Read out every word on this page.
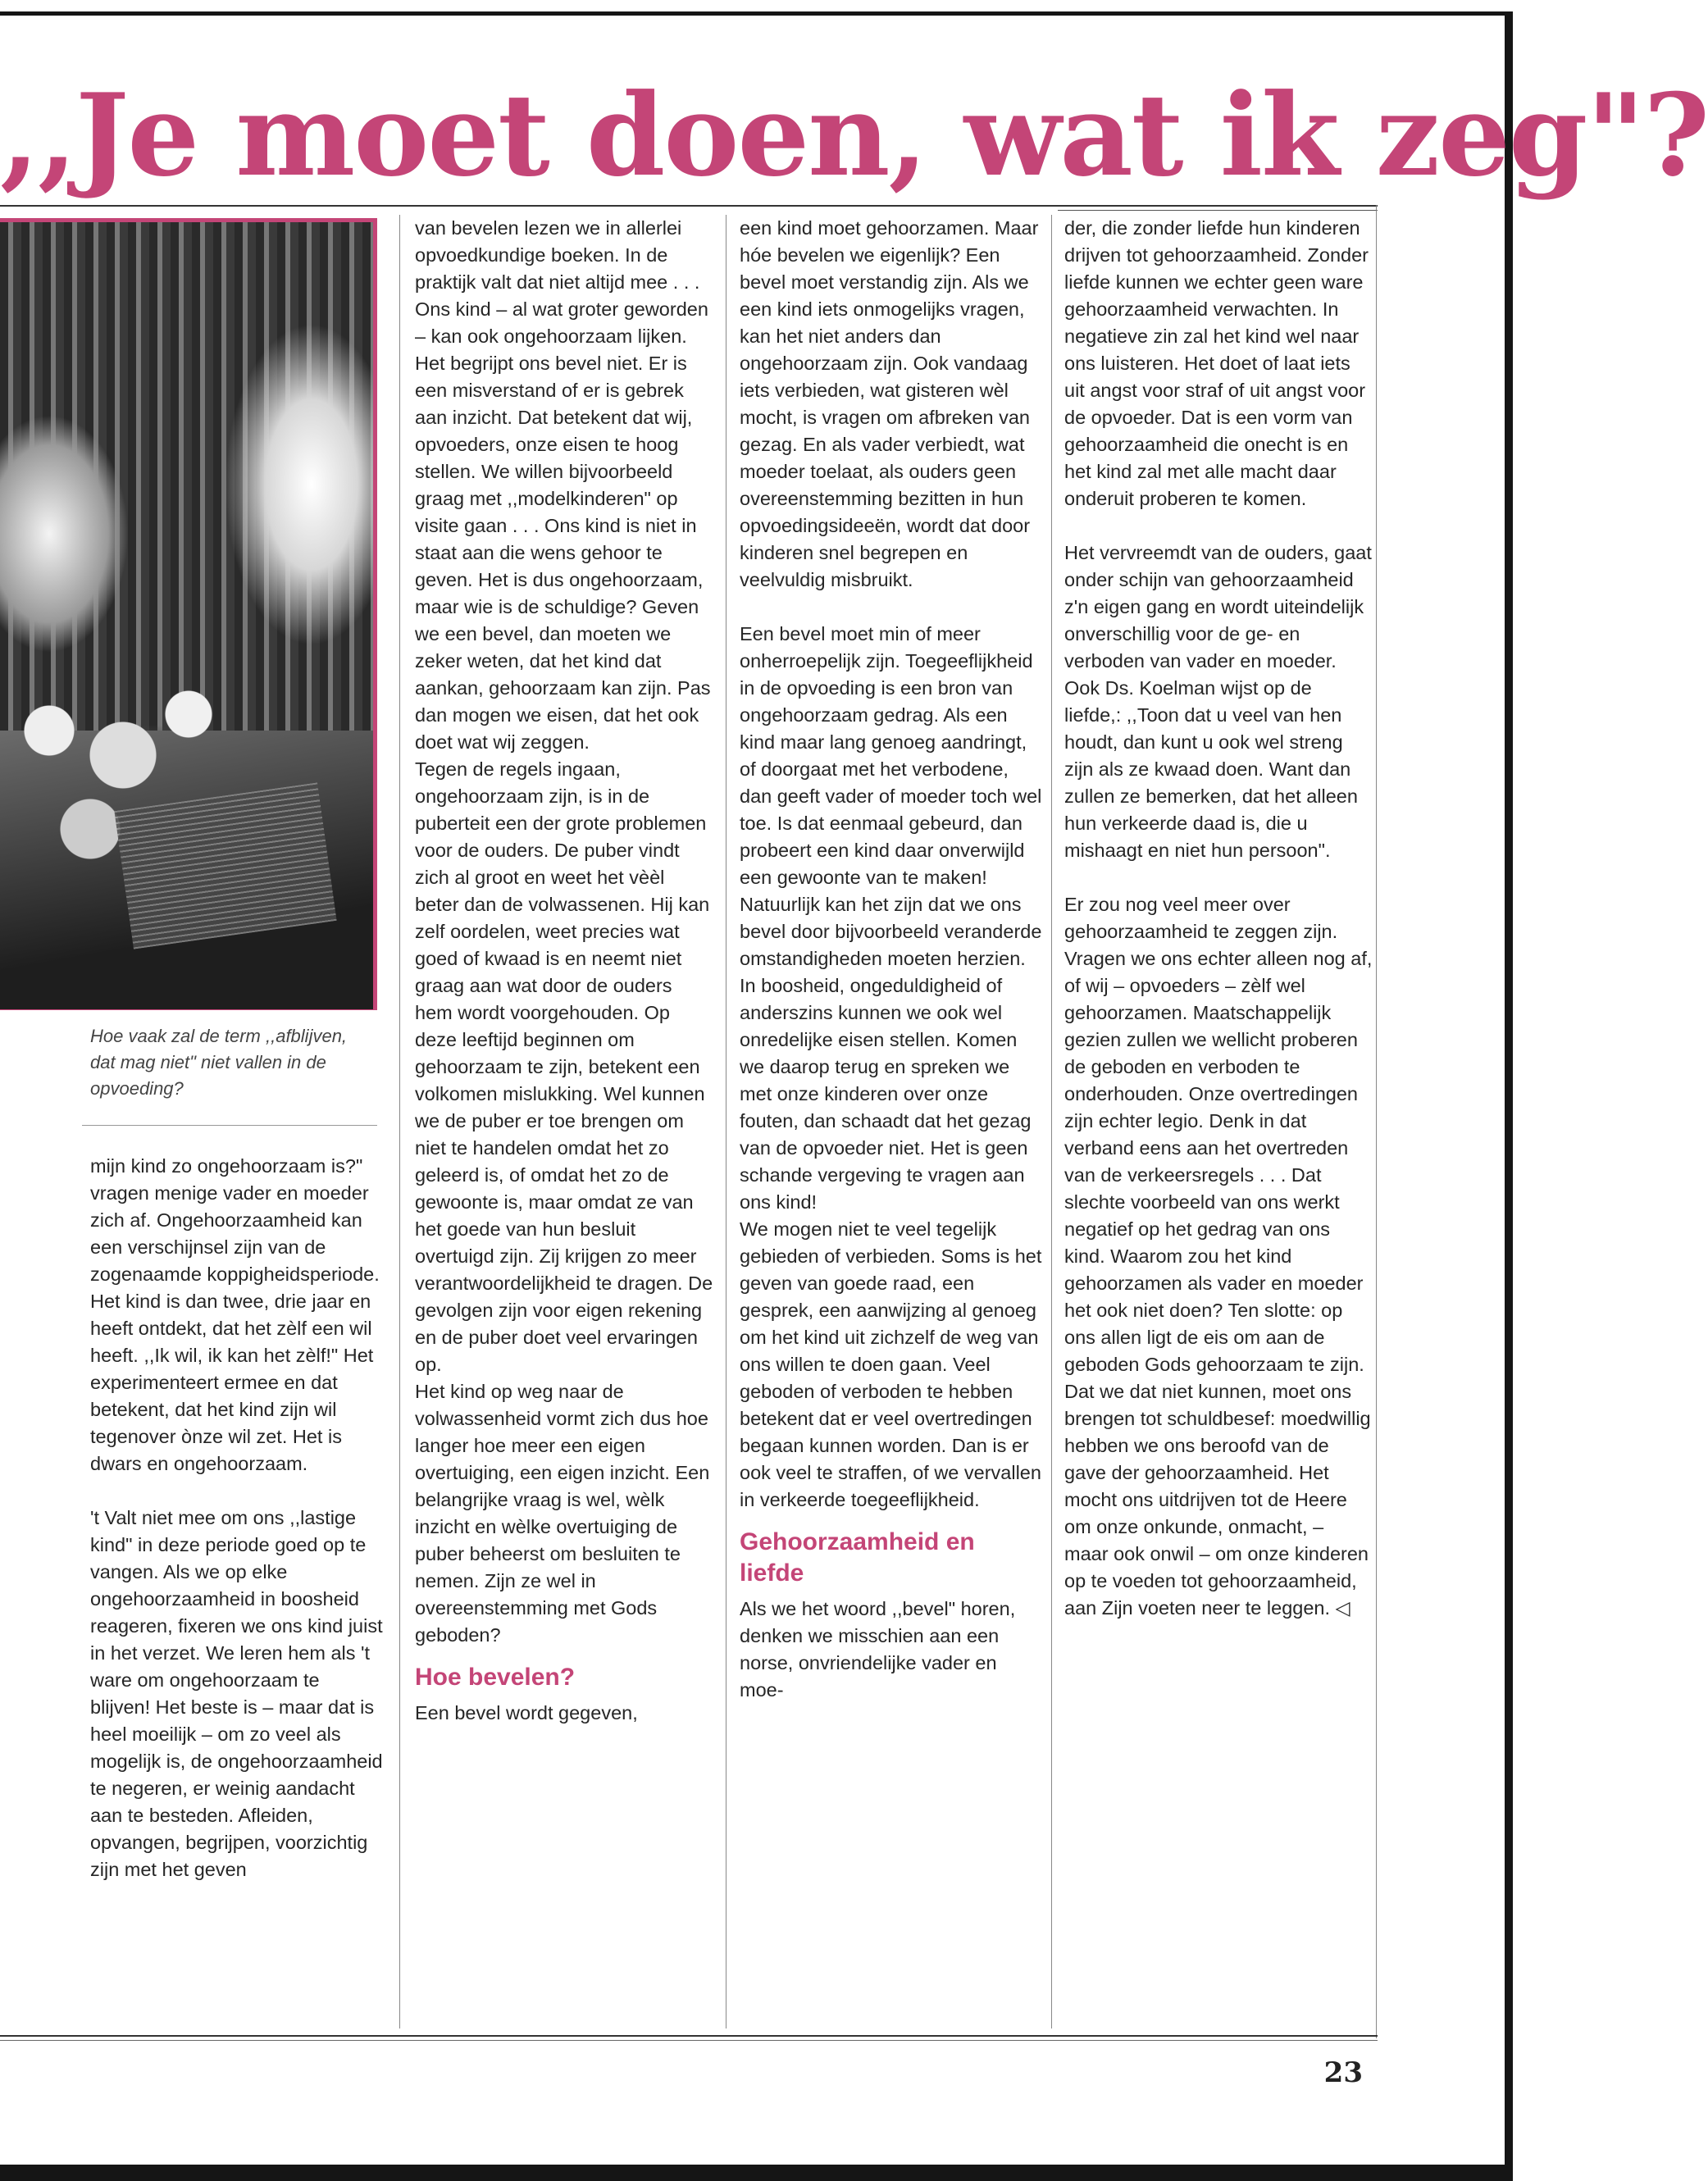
,,Je moet doen, wat ik zeg"?

Hoe vaak zal de term ,,afblijven, dat mag niet" niet vallen in de opvoeding?

mijn kind zo ongehoorzaam is?" vragen menige vader en moeder zich af. Ongehoorzaamheid kan een verschijnsel zijn van de zogenaamde koppigheidsperiode. Het kind is dan twee, drie jaar en heeft ontdekt, dat het zèlf een wil heeft. ,,Ik wil, ik kan het zèlf!" Het experimenteert ermee en dat betekent, dat het kind zijn wil tegenover ònze wil zet. Het is dwars en ongehoorzaam.

't Valt niet mee om ons ,,lastige kind" in deze periode goed op te vangen. Als we op elke ongehoorzaamheid in boosheid reageren, fixeren we ons kind juist in het verzet. We leren hem als 't ware om ongehoorzaam te blijven! Het beste is – maar dat is heel moeilijk – om zo veel als mogelijk is, de ongehoorzaamheid te negeren, er weinig aandacht aan te besteden. Afleiden, opvangen, begrijpen, voorzichtig zijn met het geven

van bevelen lezen we in allerlei opvoedkundige boeken. In de praktijk valt dat niet altijd mee . . .

Ons kind – al wat groter geworden – kan ook ongehoorzaam lijken. Het begrijpt ons bevel niet. Er is een misverstand of er is gebrek aan inzicht. Dat betekent dat wij, opvoeders, onze eisen te hoog stellen. We willen bijvoorbeeld graag met ,,modelkinderen" op visite gaan . . . Ons kind is niet in staat aan die wens gehoor te geven. Het is dus ongehoorzaam, maar wie is de schuldige? Geven we een bevel, dan moeten we zeker weten, dat het kind dat aankan, gehoorzaam kan zijn. Pas dan mogen we eisen, dat het ook doet wat wij zeggen.

Tegen de regels ingaan, ongehoorzaam zijn, is in de puberteit een der grote problemen voor de ouders. De puber vindt zich al groot en weet het vèèl beter dan de volwassenen. Hij kan zelf oordelen, weet precies wat goed of kwaad is en neemt niet graag aan wat door de ouders hem wordt voorgehouden. Op deze leeftijd beginnen om gehoorzaam te zijn, betekent een volkomen mislukking. Wel kunnen we de puber er toe brengen om niet te handelen omdat het zo geleerd is, of omdat het zo de gewoonte is, maar omdat ze van het goede van hun besluit overtuigd zijn. Zij krijgen zo meer verantwoordelijkheid te dragen. De gevolgen zijn voor eigen rekening en de puber doet veel ervaringen op.

Het kind op weg naar de volwassenheid vormt zich dus hoe langer hoe meer een eigen overtuiging, een eigen inzicht. Een belangrijke vraag is wel, wèlk inzicht en wèlke overtuiging de puber beheerst om besluiten te nemen. Zijn ze wel in overeenstemming met Gods geboden?

Hoe bevelen?

Een bevel wordt gegeven,

een kind moet gehoorzamen. Maar hóe bevelen we eigenlijk? Een bevel moet verstandig zijn. Als we een kind iets onmogelijks vragen, kan het niet anders dan ongehoorzaam zijn. Ook vandaag iets verbieden, wat gisteren wèl mocht, is vragen om afbreken van gezag. En als vader verbiedt, wat moeder toelaat, als ouders geen overeenstemming bezitten in hun opvoedingsideeën, wordt dat door kinderen snel begrepen en veelvuldig misbruikt.

Een bevel moet min of meer onherroepelijk zijn. Toegeeflijkheid in de opvoeding is een bron van ongehoorzaam gedrag. Als een kind maar lang genoeg aandringt, of doorgaat met het verbodene, dan geeft vader of moeder toch wel toe. Is dat eenmaal gebeurd, dan probeert een kind daar onverwijld een gewoonte van te maken! Natuurlijk kan het zijn dat we ons bevel door bijvoorbeeld veranderde omstandigheden moeten herzien. In boosheid, ongeduldigheid of anderszins kunnen we ook wel onredelijke eisen stellen. Komen we daarop terug en spreken we met onze kinderen over onze fouten, dan schaadt dat het gezag van de opvoeder niet. Het is geen schande vergeving te vragen aan ons kind!

We mogen niet te veel tegelijk gebieden of verbieden. Soms is het geven van goede raad, een gesprek, een aanwijzing al genoeg om het kind uit zichzelf de weg van ons willen te doen gaan. Veel geboden of verboden te hebben betekent dat er veel overtredingen begaan kunnen worden. Dan is er ook veel te straffen, of we vervallen in verkeerde toegeeflijkheid.

Gehoorzaamheid en liefde

Als we het woord ,,bevel" horen, denken we misschien aan een norse, onvriendelijke vader en moe-

der, die zonder liefde hun kinderen drijven tot gehoorzaamheid. Zonder liefde kunnen we echter geen ware gehoorzaamheid verwachten. In negatieve zin zal het kind wel naar ons luisteren. Het doet of laat iets uit angst voor straf of uit angst voor de opvoeder. Dat is een vorm van gehoorzaamheid die onecht is en het kind zal met alle macht daar onderuit proberen te komen.

Het vervreemdt van de ouders, gaat onder schijn van gehoorzaamheid z'n eigen gang en wordt uiteindelijk onverschillig voor de ge- en verboden van vader en moeder. Ook Ds. Koelman wijst op de liefde,: ,,Toon dat u veel van hen houdt, dan kunt u ook wel streng zijn als ze kwaad doen. Want dan zullen ze bemerken, dat het alleen hun verkeerde daad is, die u mishaagt en niet hun persoon".

Er zou nog veel meer over gehoorzaamheid te zeggen zijn. Vragen we ons echter alleen nog af, of wij – opvoeders – zèlf wel gehoorzamen. Maatschappelijk gezien zullen we wellicht proberen de geboden en verboden te onderhouden. Onze overtredingen zijn echter legio. Denk in dat verband eens aan het overtreden van de verkeersregels . . . Dat slechte voorbeeld van ons werkt negatief op het gedrag van ons kind. Waarom zou het kind gehoorzamen als vader en moeder het ook niet doen? Ten slotte: op ons allen ligt de eis om aan de geboden Gods gehoorzaam te zijn. Dat we dat niet kunnen, moet ons brengen tot schuldbesef: moedwillig hebben we ons beroofd van de gave der gehoorzaamheid. Het mocht ons uitdrijven tot de Heere om onze onkunde, onmacht, – maar ook onwil – om onze kinderen op te voeden tot gehoorzaamheid, aan Zijn voeten neer te leggen. ◁

23
